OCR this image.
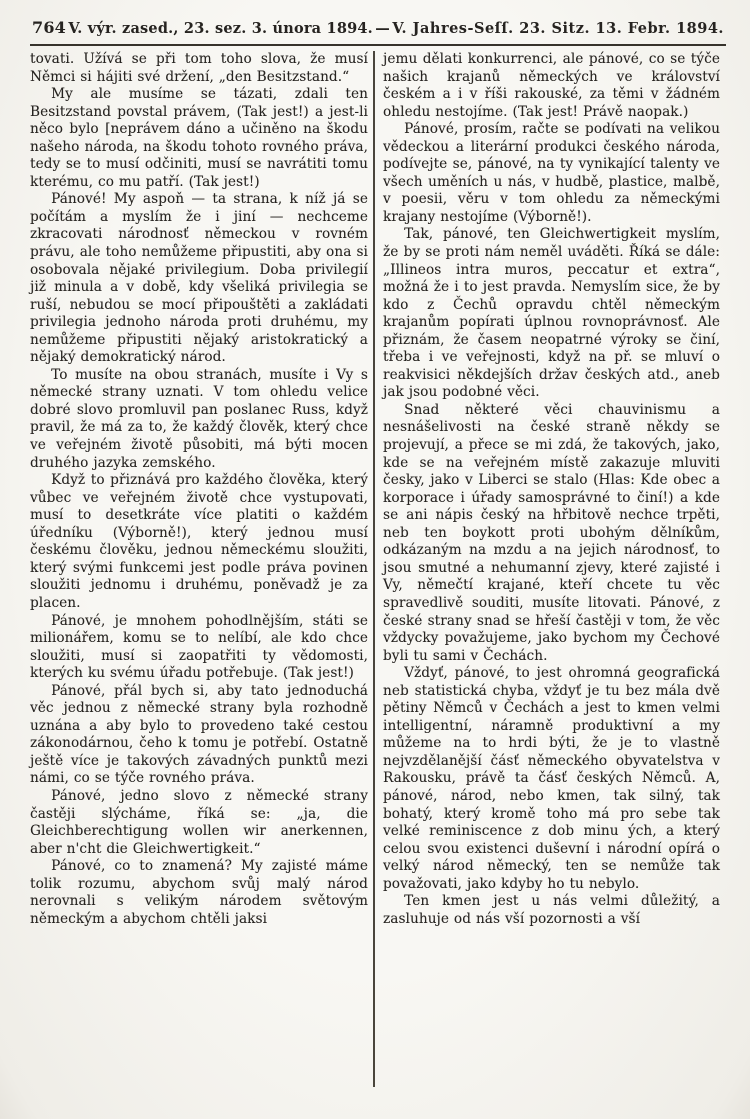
764 V. výr. zased., 23. sez. 3. února 1894. — V. Jahres-Seſſ. 23. Sitz. 13. Febr. 1894.

tovati. Užívá se při tom toho slova, že musí Němci si hájiti své držení, „den Besitzstand.“

My ale musíme se tázati, zdali ten Besitzstand povstal právem, (Tak jest!) a jest-li něco bylo [neprávem dáno a učiněno na škodu našeho národa, na škodu tohoto rovného práva, tedy se to musí odčiniti, musí se navrátiti tomu kterému, co mu patří. (Tak jest!)

Pánové! My aspoň — ta strana, k níž já se počítám a myslím že i jiní — nechceme zkracovati národnosť německou v rovném právu, ale toho nemůžeme připustiti, aby ona si osobovala nějaké privilegium. Doba privilegií již minula a v době, kdy všeliká privilegia se ruší, nebudou se mocí připouštěti a zakládati privilegia jednoho národa proti druhému, my nemůžeme připustiti nějaký aristokratický a nějaký demokratický národ.

To musíte na obou stranách, musíte i Vy s německé strany uznati. V tom ohledu velice dobré slovo promluvil pan poslanec Russ, když pravil, že má za to, že každý člověk, který chce ve veřejném životě působiti, má býti mocen druhého jazyka zemského.

Když to přiznává pro každého člověka, který vůbec ve veřejném životě chce vystupovati, musí to desetkráte více platiti o každém úředníku (Výborně!), který jednou musí českému člověku, jednou německému sloužiti, který svými funkcemi jest podle práva povinen sloužiti jednomu i druhému, poněvadž je za placen.

Pánové, je mnohem pohodlnějším, státi se milionářem, komu se to nelíbí, ale kdo chce sloužiti, musí si zaopatřiti ty vědomosti, kterých ku svému úřadu potřebuje. (Tak jest!)

Pánové, přál bych si, aby tato jednoduchá věc jednou z německé strany byla rozhodně uznána a aby bylo to provedeno také cestou zákonodárnou, čeho k tomu je potřebí. Ostatně ještě více je takových závadných punktů mezi námi, co se týče rovného práva.

Pánové, jedno slovo z německé strany častěji slýcháme, říká se: „ja, die Gleichberechtigung wollen wir anerkennen, aber n'cht die Gleichwertigkeit.“

Pánové, co to znamená? My zajisté máme tolik rozumu, abychom svůj malý národ nerovnali s velikým národem světovým německým a abychom chtěli jaksi

jemu dělati konkurrenci, ale pánové, co se týče našich krajanů německých ve království českém a i v říši rakouské, za těmi v žádném ohledu nestojíme. (Tak jest! Právě naopak.)

Pánové, prosím, račte se podívati na velikou vědeckou a literární produkci českého národa, podívejte se, pánové, na ty vynikající talenty ve všech uměních u nás, v hudbě, plastice, malbě, v poesii, věru v tom ohledu za německými krajany nestojíme (Výborně!).

Tak, pánové, ten Gleichwertigkeit myslím, že by se proti nám neměl uváděti. Říká se dále: „Illineos intra muros, peccatur et extra“, možná že i to jest pravda. Nemyslím sice, že by kdo z Čechů opravdu chtěl německým krajanům popírati úplnou rovnoprávnosť. Ale přiznám, že časem neopatrné výroky se činí, třeba i ve veřejnosti, když na př. se mluví o reakvisici někdejších držav českých atd., aneb jak jsou podobné věci.

Snad některé věci chauvinismu a nesnášelivosti na české straně někdy se projevují, a přece se mi zdá, že takových, jako, kde se na veřejném místě zakazuje mluviti česky, jako v Liberci se stalo (Hlas: Kde obec a korporace i úřady samosprávné to činí!) a kde se ani nápis český na hřbitově nechce trpěti, neb ten boykott proti ubohým dělníkům, odkázaným na mzdu a na jejich národnosť, to jsou smutné a nehumanní zjevy, které zajisté i Vy, němečtí krajané, kteří chcete tu věc spravedlivě souditi, musíte litovati. Pánové, z české strany snad se hřeší častěji v tom, že věc vždycky považujeme, jako bychom my Čechové byli tu sami v Čechách.

Vždyť, pánové, to jest ohromná geografická neb statistická chyba, vždyť je tu bez mála dvě pětiny Němců v Čechách a jest to kmen velmi intelligentní, náramně produktivní a my můžeme na to hrdi býti, že je to vlastně nejvzdělanější čásť německého obyvatelstva v Rakousku, právě ta čásť českých Němců. A, pánové, národ, nebo kmen, tak silný, tak bohatý, který kromě toho má pro sebe tak velké reminiscence z dob minu ých, a který celou svou existenci duševní i národní opírá o velký národ německý, ten se nemůže tak považovati, jako kdyby ho tu nebylo.

Ten kmen jest u nás velmi důležitý, a zasluhuje od nás vší pozornosti a vší
